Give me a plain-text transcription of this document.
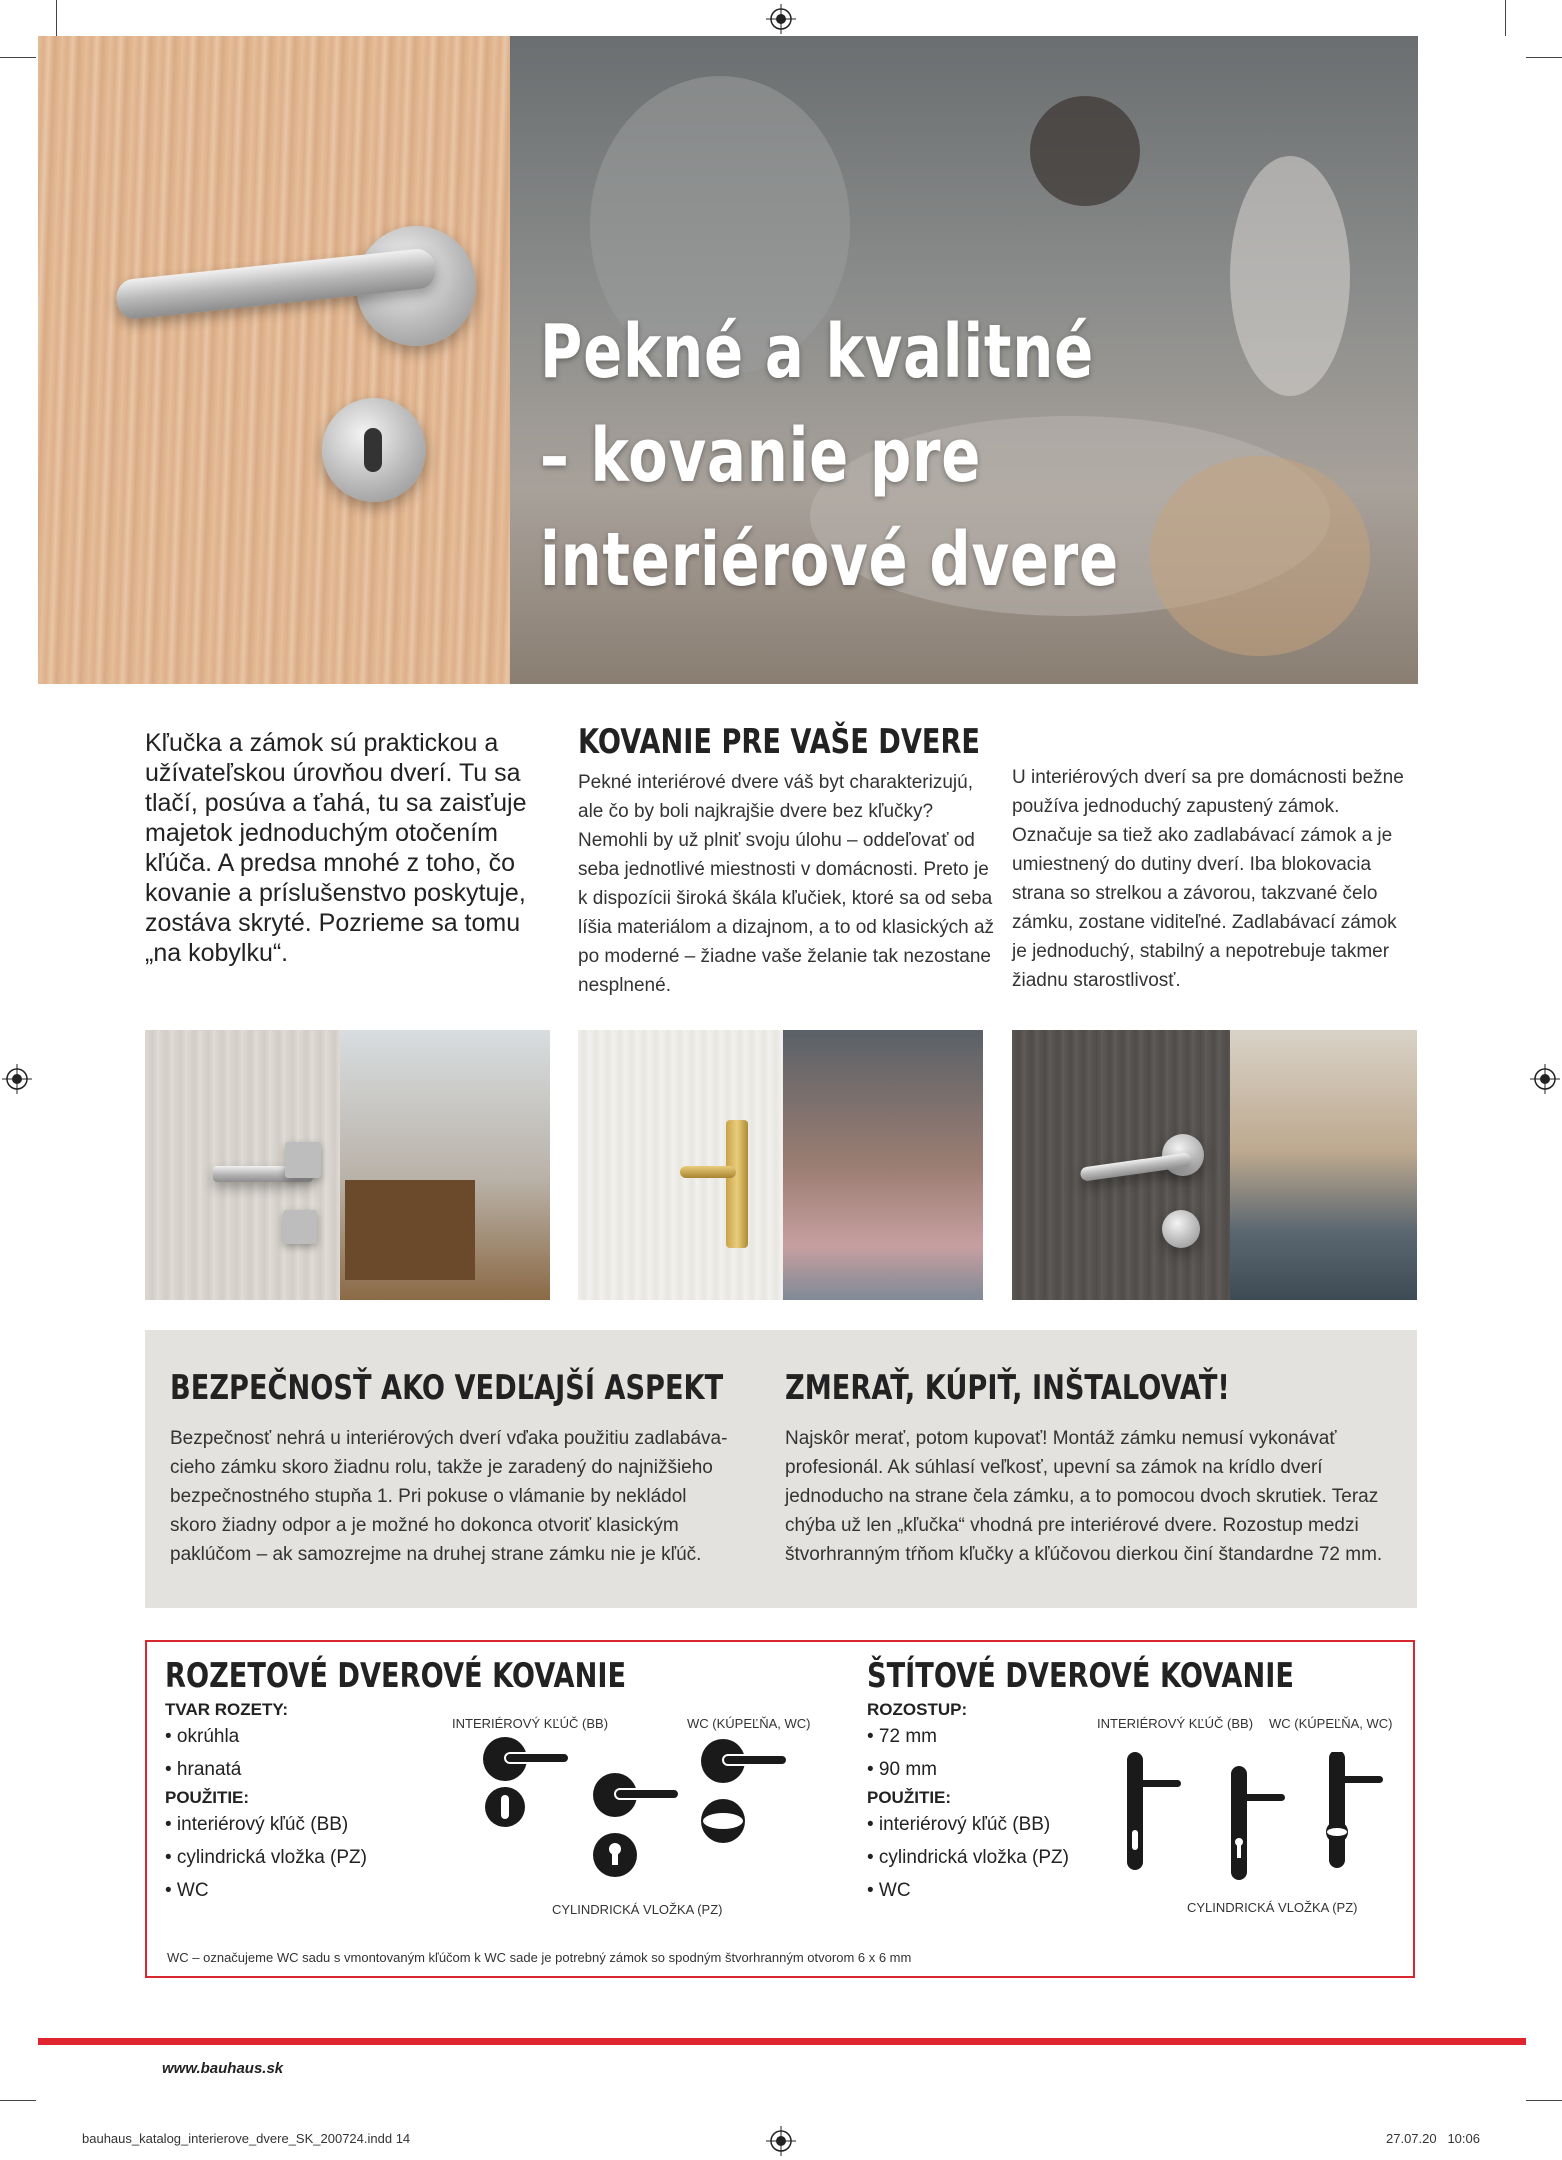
Pekné a kvalitné
– kovanie pre
interiérové dvere
Kľučka a zámok sú praktickou a užívateľskou úrovňou dverí. Tu sa tlačí, posúva a ťahá, tu sa zaisťuje majetok jednoduchým otočením kľúča. A predsa mnohé z toho, čo kovanie a príslušenstvo poskytuje, zostáva skryté. Pozrieme sa tomu „na kobylku“.
KOVANIE PRE VAŠE DVERE
Pekné interiérové dvere váš byt charakterizujú, ale čo by boli najkrajšie dvere bez kľučky? Nemohli by už plniť svoju úlohu – oddeľovať od seba jednotlivé miestnosti v domácnosti. Preto je k dispozícii široká škála kľučiek, ktoré sa od seba líšia materiálom a dizajnom, a to od klasických až po moderné – žiadne vaše želanie tak nezostane nesplnené.
U interiérových dverí sa pre domácnosti bežne používa jednoduchý zapustený zámok. Označuje sa tiež ako zadlabávací zámok a je umiestnený do dutiny dverí. Iba blokovacia strana so strelkou a závorou, takzvané čelo zámku, zostane viditeľné. Zadlabávací zámok je jednoduchý, stabilný a nepotrebuje takmer žiadnu starostlivosť.
BEZPEČNOSŤ AKO VEDĽAJŠÍ ASPEKT
Bezpečnosť nehrá u interiérových dverí vďaka použitiu zadlabáva-cieho zámku skoro žiadnu rolu, takže je zaradený do najnižšieho bezpečnostného stupňa 1. Pri pokuse o vlámanie by nekládol skoro žiadny odpor a je možné ho dokonca otvoriť klasickým paklúčom – ak samozrejme na druhej strane zámku nie je kľúč.
ZMERAŤ, KÚPIŤ, INŠTALOVAŤ!
Najskôr merať, potom kupovať! Montáž zámku nemusí vykonávať profesionál. Ak súhlasí veľkosť, upevní sa zámok na krídlo dverí jednoducho na strane čela zámku, a to pomocou dvoch skrutiek. Teraz chýba už len „kľučka“ vhodná pre interiérové dvere. Rozostup medzi štvorhranným tŕňom kľučky a kľúčovou dierkou činí štandardne 72 mm.
ROZETOVÉ DVEROVÉ KOVANIE
TVAR ROZETY:
• okrúhla
• hranatá
POUŽITIE:
• interiérový kľúč (BB)
• cylindrická vložka (PZ)
• WC
INTERIÉROVÝ KĽÚČ (BB)	WC (KÚPEĽŇA, WC)
CYLINDRICKÁ VLOŽKA (PZ)
ŠTÍTOVÉ DVEROVÉ KOVANIE
ROZOSTUP:
• 72 mm
• 90 mm
POUŽITIE:
• interiérový kľúč (BB)
• cylindrická vložka (PZ)
• WC
INTERIÉROVÝ KĽÚČ (BB) WC (KÚPEĽŇA, WC)
CYLINDRICKÁ VLOŽKA (PZ)
WC – označujeme WC sadu s vmontovaným kľúčom k WC sade je potrebný zámok so spodným štvorhranným otvorom 6 x 6 mm
www.bauhaus.sk
bauhaus_katalog_interierove_dvere_SK_200724.indd 14	27.07.20   10:06
